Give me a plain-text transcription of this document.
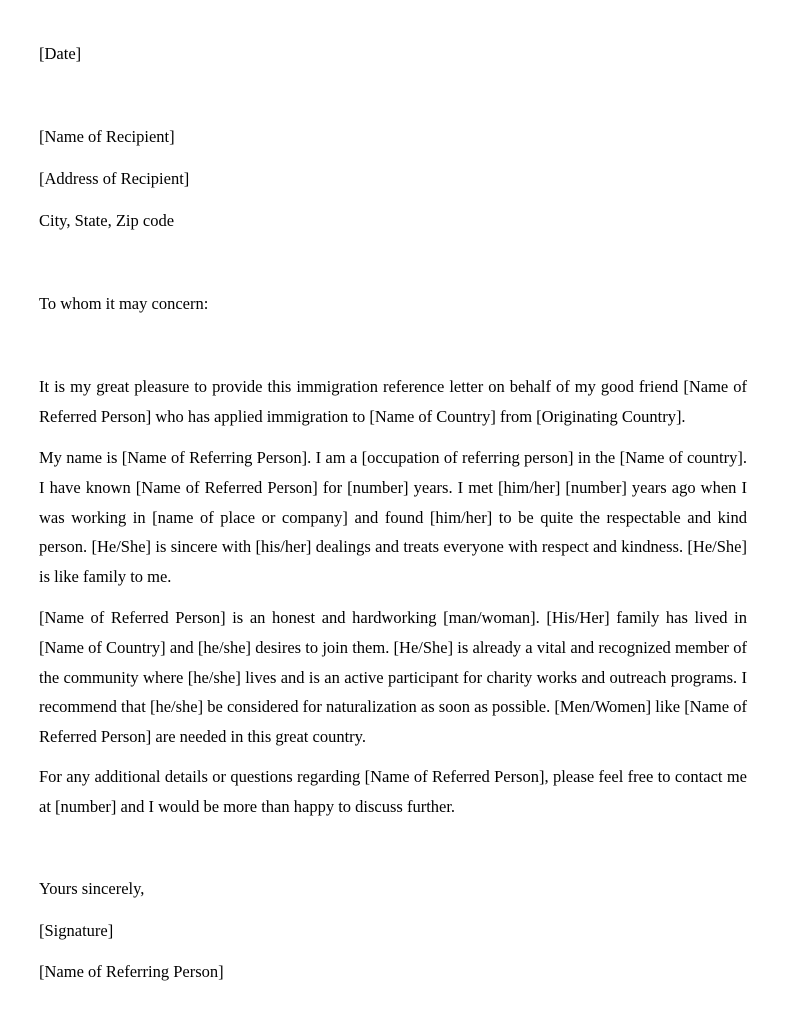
[Date]

[Name of Recipient]

[Address of Recipient]

City, State, Zip code

To whom it may concern:

It is my great pleasure to provide this immigration reference letter on behalf of my good friend [Name of Referred Person] who has applied immigration to [Name of Country] from [Originating Country].

My name is [Name of Referring Person]. I am a [occupation of referring person] in the [Name of country]. I have known [Name of Referred Person] for [number] years. I met [him/her] [number] years ago when I was working in [name of place or company] and found [him/her] to be quite the respectable and kind person. [He/She] is sincere with [his/her] dealings and treats everyone with respect and kindness. [He/She] is like family to me.

[Name of Referred Person] is an honest and hardworking [man/woman]. [His/Her] family has lived in [Name of Country] and [he/she] desires to join them. [He/She] is already a vital and recognized member of the community where [he/she] lives and is an active participant for charity works and outreach programs. I recommend that [he/she] be considered for naturalization as soon as possible. [Men/Women] like [Name of Referred Person] are needed in this great country.

For any additional details or questions regarding [Name of Referred Person], please feel free to contact me at [number] and I would be more than happy to discuss further.

Yours sincerely,

[Signature]

[Name of Referring Person]
